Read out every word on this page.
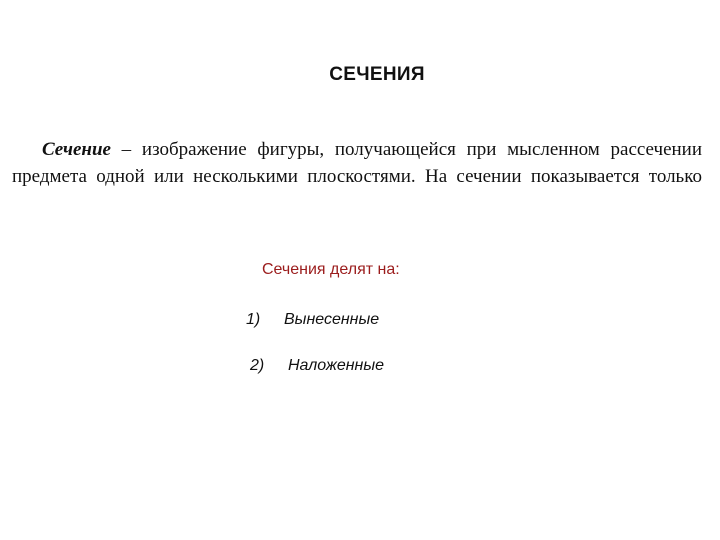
СЕЧЕНИЯ

Сечение – изображение фигуры, получающейся при мысленном рассечении предмета одной или несколькими плоскостями. На сечении показывается только

Сечения делят на:

1) Вынесенные
2) Наложенные
